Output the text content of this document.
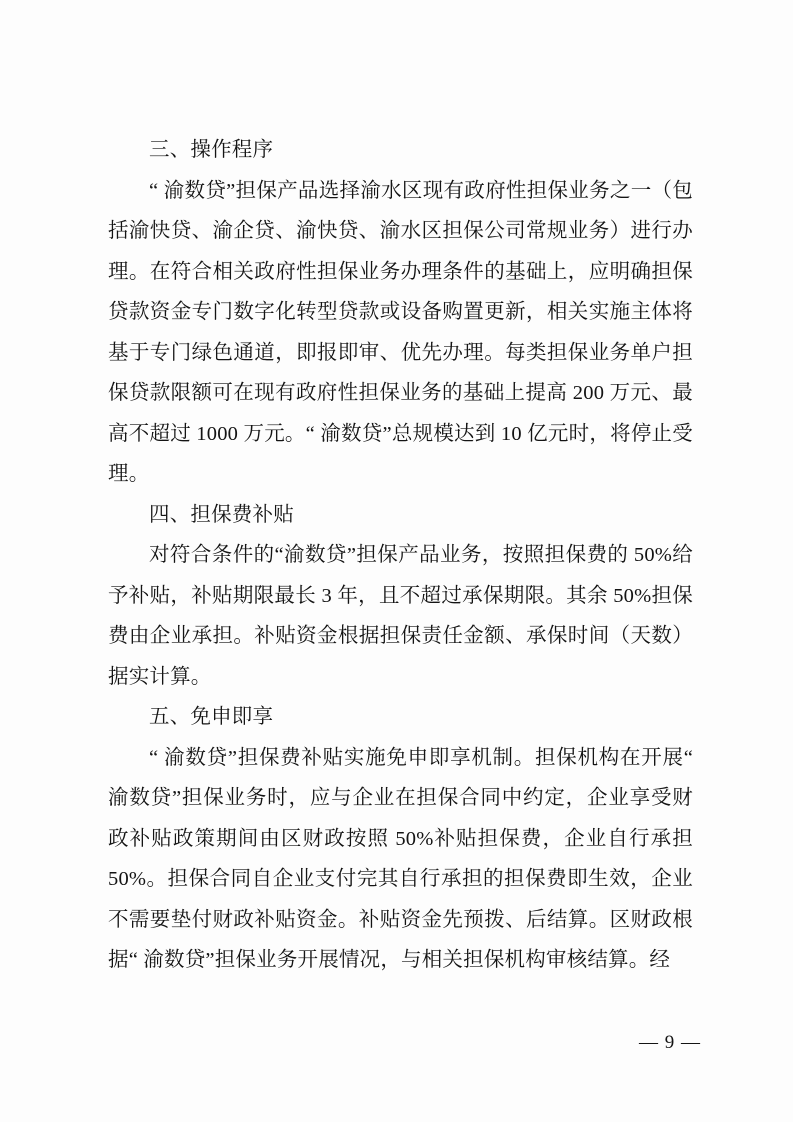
三、操作程序

“ 渝数贷”担保产品选择渝水区现有政府性担保业务之一（包括渝快贷、渝企贷、渝快贷、渝水区担保公司常规业务）进行办理。在符合相关政府性担保业务办理条件的基础上，应明确担保贷款资金专门数字化转型贷款或设备购置更新，相关实施主体将基于专门绿色通道，即报即审、优先办理。每类担保业务单户担保贷款限额可在现有政府性担保业务的基础上提高 200 万元、最高不超过 1000 万元。“ 渝数贷”总规模达到 10 亿元时，将停止受理。

四、担保费补贴

对符合条件的“渝数贷”担保产品业务，按照担保费的 50%给予补贴，补贴期限最长 3 年，且不超过承保期限。其余 50%担保费由企业承担。补贴资金根据担保责任金额、承保时间（天数）据实计算。

五、免申即享

“ 渝数贷”担保费补贴实施免申即享机制。担保机构在开展“ 渝数贷”担保业务时，应与企业在担保合同中约定，企业享受财政补贴政策期间由区财政按照 50%补贴担保费，企业自行承担50%。担保合同自企业支付完其自行承担的担保费即生效，企业不需要垫付财政补贴资金。补贴资金先预拨、后结算。区财政根据“ 渝数贷”担保业务开展情况，与相关担保机构审核结算。经

— 9 —
